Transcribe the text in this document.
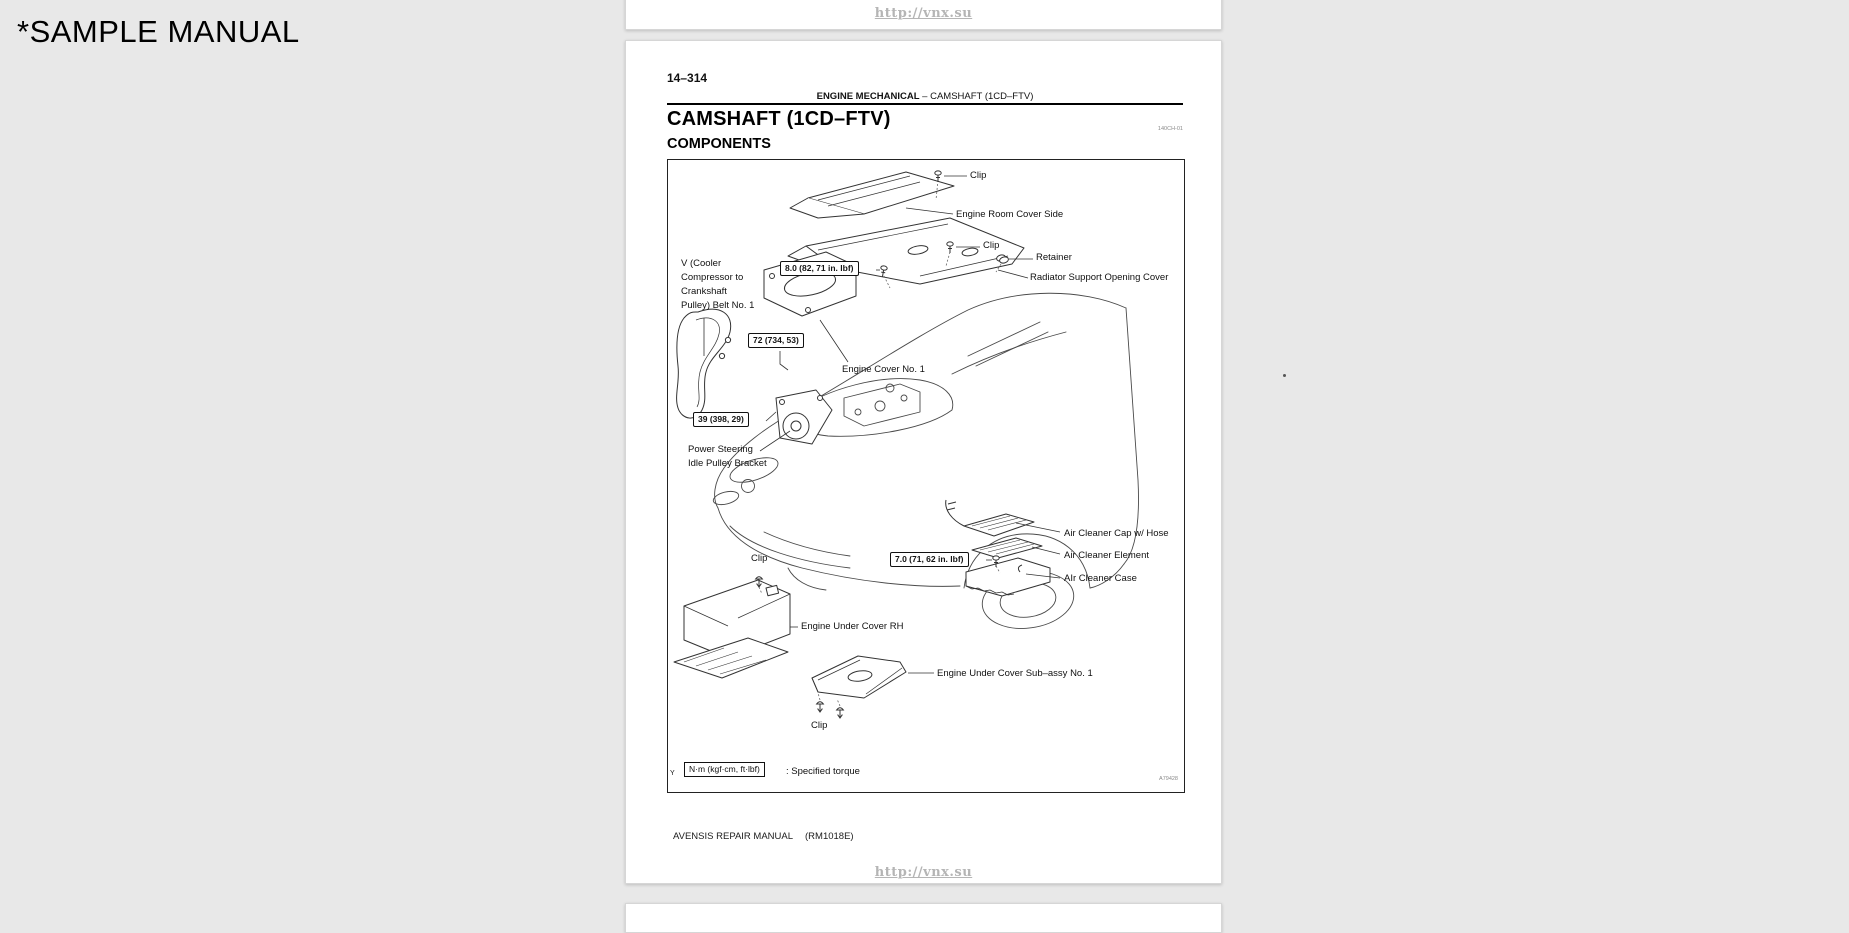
*SAMPLE MANUAL
http://vnx.su
14–314
ENGINE MECHANICAL – CAMSHAFT (1CD–FTV)
CAMSHAFT (1CD–FTV)
COMPONENTS
140CH-01
Clip
Engine Room Cover Side
Clip
Retainer
8.0 (82, 71 in. lbf)
Radiator Support Opening Cover
V (Cooler
Compressor to
Crankshaft
Pulley) Belt No. 1
72 (734, 53)
Engine Cover No. 1
39 (398, 29)
Power Steering
Idle Pulley Bracket
Air Cleaner Cap w/ Hose
Air Cleaner Element
7.0 (71, 62 in. lbf)
AIr Cleaner Case
Clip
Engine Under Cover RH
Engine Under Cover Sub–assy No. 1
Clip
Y	N·m (kgf·cm, ft·lbf)	: Specified torque
A79428
AVENSIS REPAIR MANUAL (RM1018E)
http://vnx.su
